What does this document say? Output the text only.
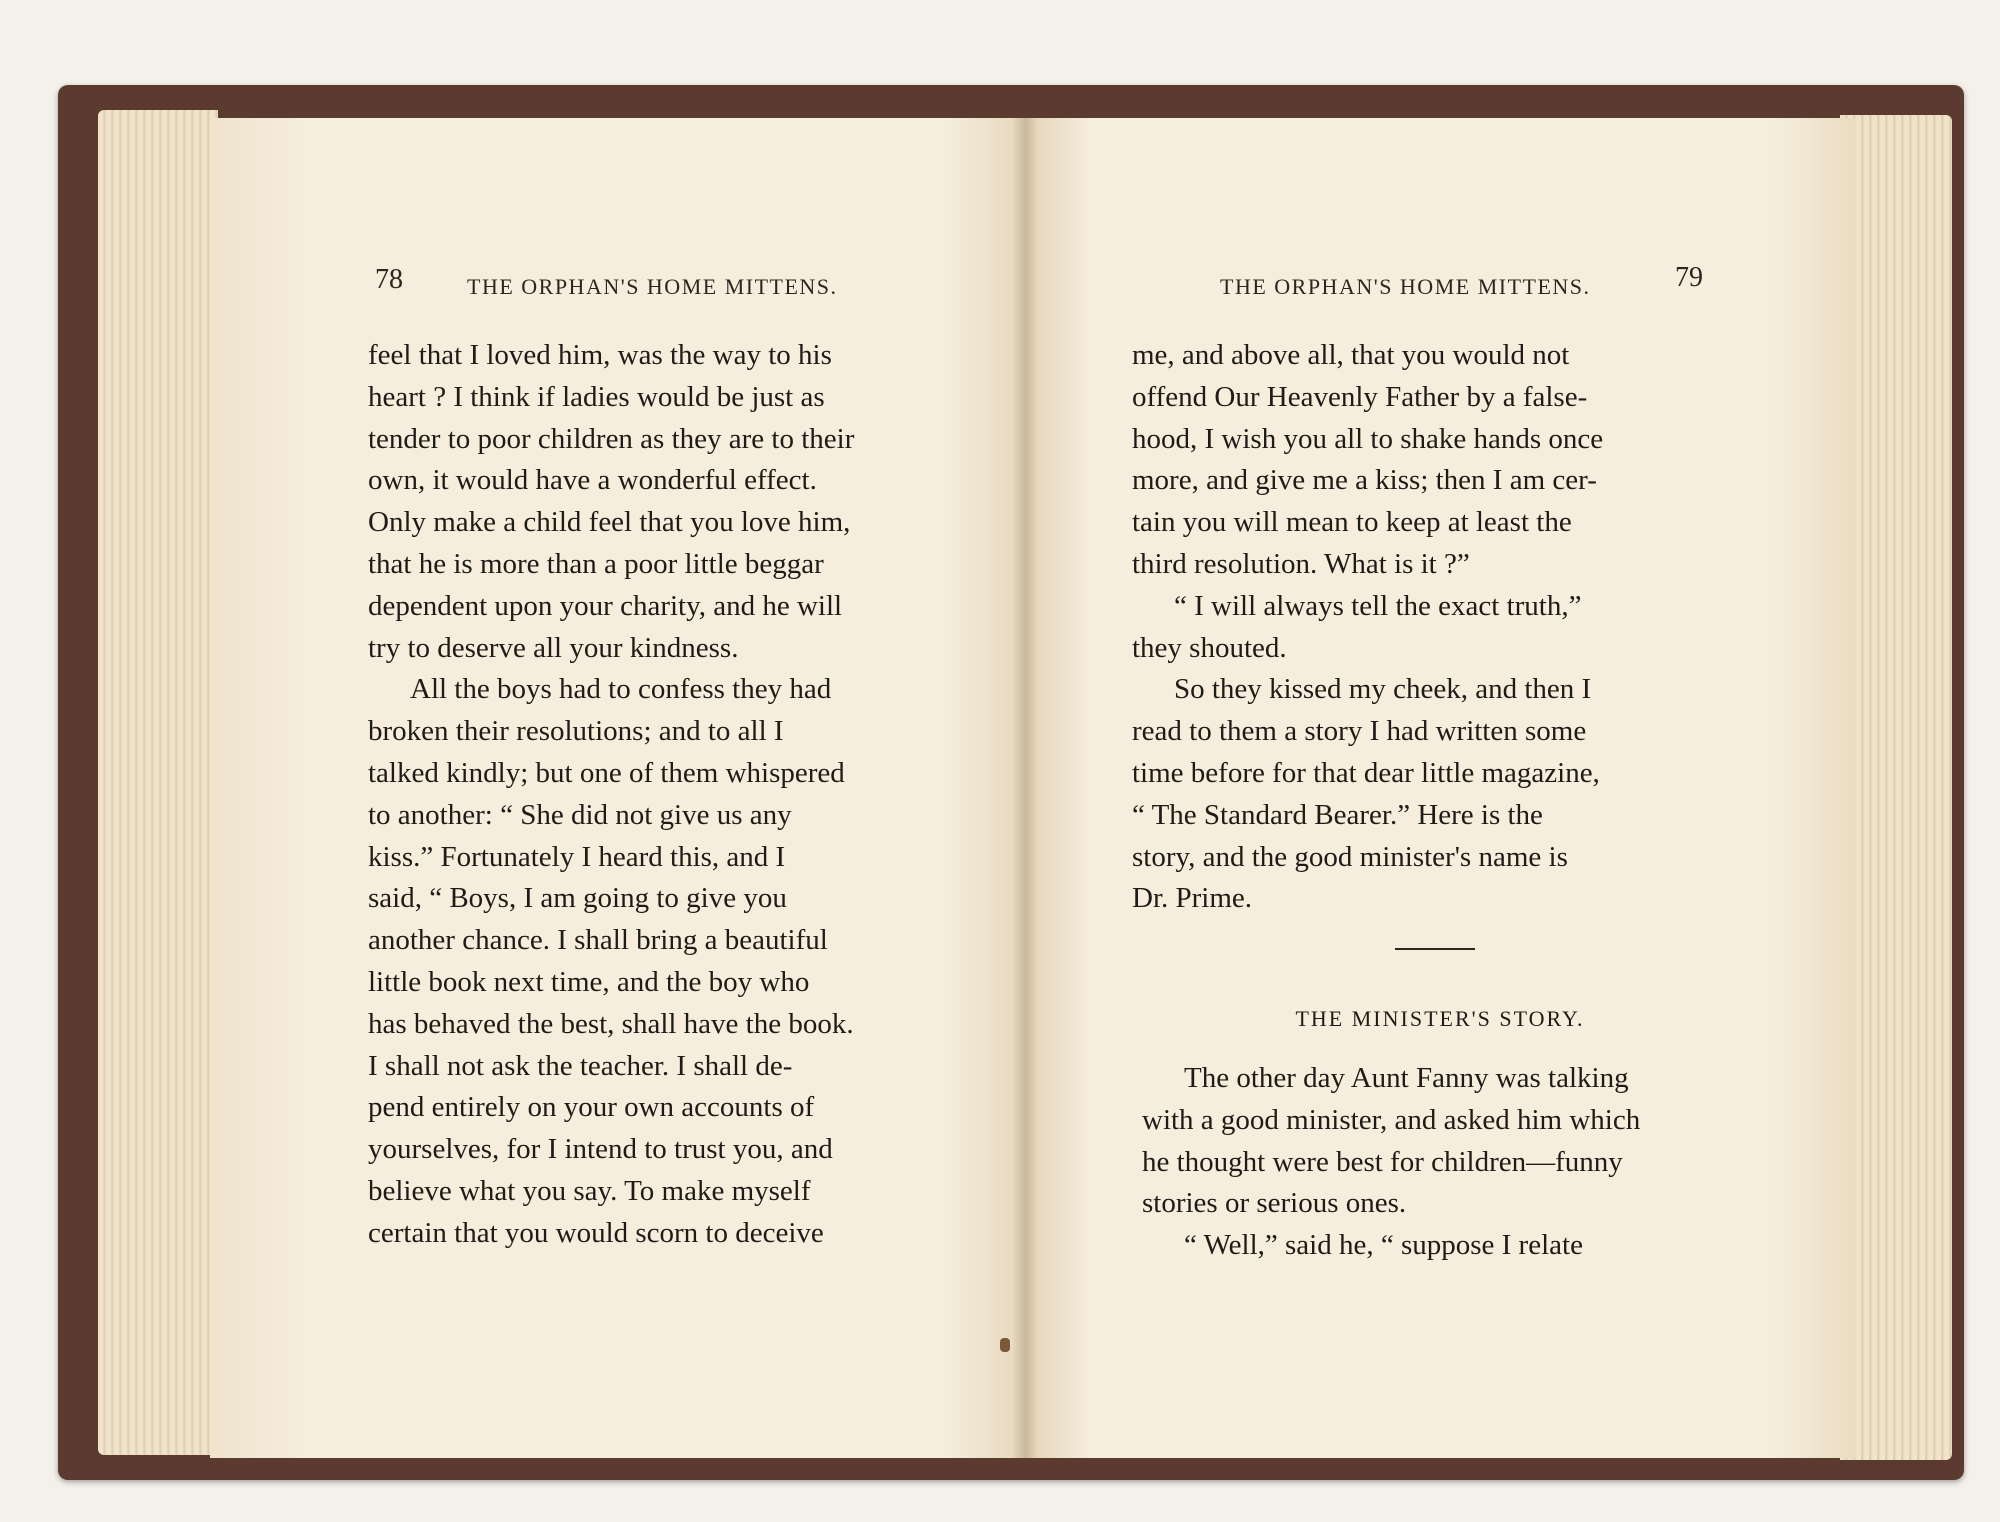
78	THE ORPHAN'S HOME MITTENS.	THE ORPHAN'S HOME MITTENS.	79
feel that I loved him, was the way to his
heart ? I think if ladies would be just as
tender to poor children as they are to their
own, it would have a wonderful effect.
Only make a child feel that you love him,
that he is more than a poor little beggar
dependent upon your charity, and he will
try to deserve all your kindness.
All the boys had to confess they had
broken their resolutions; and to all I
talked kindly; but one of them whispered
to another: “ She did not give us any
kiss.” Fortunately I heard this, and I
said, “ Boys, I am going to give you
another chance. I shall bring a beautiful
little book next time, and the boy who
has behaved the best, shall have the book.
I shall not ask the teacher. I shall de-
pend entirely on your own accounts of
yourselves, for I intend to trust you, and
believe what you say. To make myself
certain that you would scorn to deceive
me, and above all, that you would not
offend Our Heavenly Father by a false-
hood, I wish you all to shake hands once
more, and give me a kiss; then I am cer-
tain you will mean to keep at least the
third resolution. What is it ?”
“ I will always tell the exact truth,”
they shouted.
So they kissed my cheek, and then I
read to them a story I had written some
time before for that dear little magazine,
“ The Standard Bearer.” Here is the
story, and the good minister's name is
Dr. Prime.
THE MINISTER'S STORY.
The other day Aunt Fanny was talking
with a good minister, and asked him which
he thought were best for children—funny
stories or serious ones.
“ Well,” said he, “ suppose I relate
